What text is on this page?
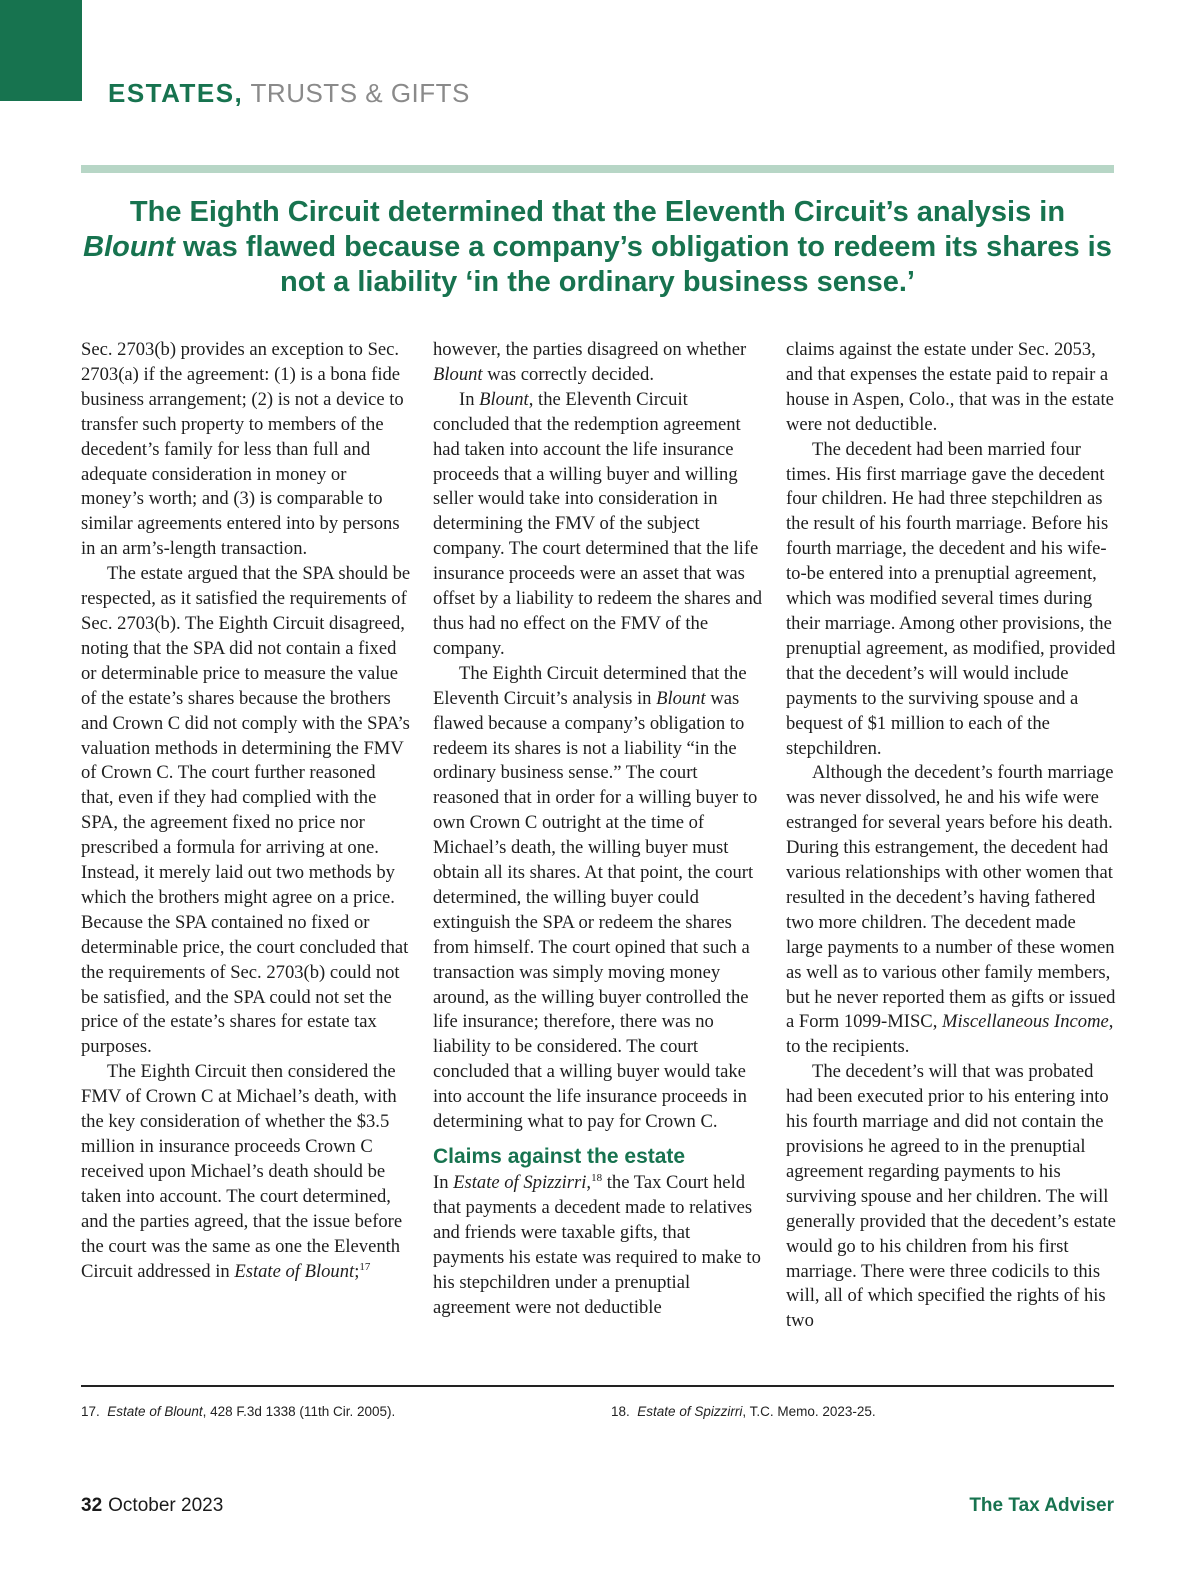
ESTATES, TRUSTS & GIFTS
The Eighth Circuit determined that the Eleventh Circuit’s analysis in Blount was flawed because a company’s obligation to redeem its shares is not a liability ‘in the ordinary business sense.’

Sec. 2703(b) provides an exception to Sec. 2703(a) if the agreement: (1) is a bona fide business arrangement; (2) is not a device to transfer such property to members of the decedent’s family for less than full and adequate consideration in money or money’s worth; and (3) is comparable to similar agreements entered into by persons in an arm’s-length transaction.

The estate argued that the SPA should be respected, as it satisfied the requirements of Sec. 2703(b). The Eighth Circuit disagreed, noting that the SPA did not contain a fixed or determinable price to measure the value of the estate’s shares because the brothers and Crown C did not comply with the SPA’s valuation methods in determining the FMV of Crown C. The court further reasoned that, even if they had complied with the SPA, the agreement fixed no price nor prescribed a formula for arriving at one. Instead, it merely laid out two methods by which the brothers might agree on a price. Because the SPA contained no fixed or determinable price, the court concluded that the requirements of Sec. 2703(b) could not be satisfied, and the SPA could not set the price of the estate’s shares for estate tax purposes.

The Eighth Circuit then considered the FMV of Crown C at Michael’s death, with the key consideration of whether the $3.5 million in insurance proceeds Crown C received upon Michael’s death should be taken into account. The court determined, and the parties agreed, that the issue before the court was the same as one the Eleventh Circuit addressed in Estate of Blount;$^{17}$

however, the parties disagreed on whether Blount was correctly decided.

In Blount, the Eleventh Circuit concluded that the redemption agreement had taken into account the life insurance proceeds that a willing buyer and willing seller would take into consideration in determining the FMV of the subject company. The court determined that the life insurance proceeds were an asset that was offset by a liability to redeem the shares and thus had no effect on the FMV of the company.

The Eighth Circuit determined that the Eleventh Circuit’s analysis in Blount was flawed because a company’s obligation to redeem its shares is not a liability “in the ordinary business sense.” The court reasoned that in order for a willing buyer to own Crown C outright at the time of Michael’s death, the willing buyer must obtain all its shares. At that point, the court determined, the willing buyer could extinguish the SPA or redeem the shares from himself. The court opined that such a transaction was simply moving money around, as the willing buyer controlled the life insurance; therefore, there was no liability to be considered. The court concluded that a willing buyer would take into account the life insurance proceeds in determining what to pay for Crown C.

Claims against the estate

In Estate of Spizzirri,$^{18}$ the Tax Court held that payments a decedent made to relatives and friends were taxable gifts, that payments his estate was required to make to his stepchildren under a prenuptial agreement were not deductible

claims against the estate under Sec. 2053, and that expenses the estate paid to repair a house in Aspen, Colo., that was in the estate were not deductible.

The decedent had been married four times. His first marriage gave the decedent four children. He had three stepchildren as the result of his fourth marriage. Before his fourth marriage, the decedent and his wife-to-be entered into a prenuptial agreement, which was modified several times during their marriage. Among other provisions, the prenuptial agreement, as modified, provided that the decedent’s will would include payments to the surviving spouse and a bequest of $1 million to each of the stepchildren.

Although the decedent’s fourth marriage was never dissolved, he and his wife were estranged for several years before his death. During this estrangement, the decedent had various relationships with other women that resulted in the decedent’s having fathered two more children. The decedent made large payments to a number of these women as well as to various other family members, but he never reported them as gifts or issued a Form 1099-MISC, Miscellaneous Income, to the recipients.

The decedent’s will that was probated had been executed prior to his entering into his fourth marriage and did not contain the provisions he agreed to in the prenuptial agreement regarding payments to his surviving spouse and her children. The will generally provided that the decedent’s estate would go to his children from his first marriage. There were three codicils to this will, all of which specified the rights of his two

17. Estate of Blount, 428 F.3d 1338 (11th Cir. 2005).	18. Estate of Spizzirri, T.C. Memo. 2023-25.
32 October 2023	The Tax Adviser
